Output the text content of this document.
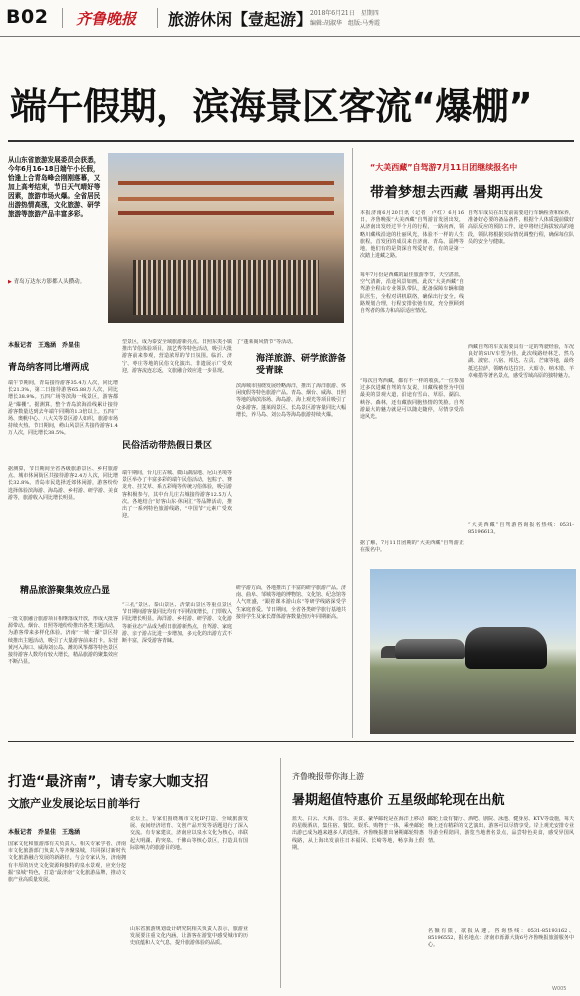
B02 齐鲁晚报 旅游休闲【壹起游】
2018年6月21日　星期四
编辑:胡淑华　组版:马秀霞
端午假期，滨海景区客流“爆棚”
从山东省旅游发展委员会获悉，今年6月16-18日端午小长假，恰逢上合青岛峰会刚刚落幕，又加上高考结束，节日天气晴好等因素，旅游市场火爆。全省居民出游热情高涨，文化旅游、研学旅游等旅游产品丰富多彩。
▶ 青岛万达东方影都人头攒动。
本报记者　王逸涵　乔显佳
青岛纳客同比增两成
端午节期间，青岛接待游客35.4万人次，同比增长21.3%，第二日接待游客65.88万人次，同比增长38.9%。五四广场等滨海一线景区，游客都是“爆棚”。据测算，整个青岛滨海沿线累计接待游客数量达到去年端午同期的1.3倍以上。五四广场、奥帆中心、八大关等景区游人如织，旅游市场持续火热。节日期间，崂山风景区共接待游客1.4万人次，同比增长38.5%。
据测算，节日期间全省各级旅游景区、乡村旅游点、城市休闲街区共接待游客2.4万人次，同比增长32.8%。青岛市民选择近郊休闲游，游客纷纷选择体验滨海游、海岛游、乡村游、研学游、美食游等，旅游收入同比增长明显。
精品旅游聚集效应凸显
一批文旅融合旅游项目相继落成开放，形成大批客源带动。烟台、日照等地纷纷推出各类主题活动，为游客带来多样化体验。济南“一城一湖”景区持续推出主题活动，吸引了大量游客前来打卡。东营黄河入海口、威海刘公岛、潍坊风筝都等特色景区接待游客人数均有较大增长，精品旅游的聚集效应不断凸显。
型景区，成为泰安全域旅游新亮点。日照东夷小镇推出节俗体验项目，演艺秀等特色活动，吸引大批游客前来参观，营造浓厚的节日氛围。临沂、济宁、枣庄等地的民俗文化演出、非遗展示广受欢迎，游客流连忘返，文旅融合效应进一步显现。
民俗活动带热假日景区
端午期间，台儿庄古城、微山湖湿地、尼山圣境等景区举办了丰富多彩的端午民俗活动，包粽子、赛龙舟、挂艾草、系五彩绳等传统习俗体验，吸引游客积极参与，其中台儿庄古城接待游客12.5万人次。各地结合“好客山东·休闲汇”等品牌活动，推出了一系列特色旅游线路，“中国节”元素广受欢迎。
“三孔”景区、泰山景区、沂蒙山景区等重点景区节日期间游客量同比均有不同程度增长，门票收入同比增长明显。海洋游、乡村游、研学游、文化游等新业态产品成为假日旅游新热点，自驾游、家庭游、亲子游占比进一步增加，多元化的出游方式不断丰富，深受游客青睐。
了“蓬莱阁风情节”等活动。
海洋旅游、研学旅游备受青睐
滨海城市围绕发展经略海洋，推出了海洋旅游、休闲度假等特色旅游产品。青岛、烟台、威海、日照等地的海滨浴场、海岛游、海上观光等项目吸引了众多游客。蓬莱阁景区、长岛景区游客量同比大幅增长，养马岛、刘公岛等海岛旅游持续火爆。
研学游方面，各地推出了丰富的研学旅游产品。济南、曲阜、邹城等地的博物馆、文化馆、纪念馆等人气旺盛，“跟着课本游山东”等研学线路深受学生家庭喜爱。节日期间，全省各类研学旅行基地共接待学生及家长群体游客数量创历年同期新高。
“大美西藏”自驾游7月11日团继续报名中
带着梦想去西藏 暑期再出发
本报济南6月20日讯（记者　卢红）6月16日，齐鲁晚报“大美西藏”自驾游首发团出发，从济南出发经过半个月的行程，一路向西，领略川藏线沿途的壮丽风光，体验不一样的人生旅程。首发团的成员来自济南、青岛、淄博等地，他们有的是资深自驾爱好者，有的是第一次踏上进藏之路。
每年7月份是西藏的最佳旅游季节，天空湛蓝，空气清新，沿途风景如画。此次“大美西藏”自驾游全程由专业领队带队，配备保障车辆和随队医生，全程对讲机联络，确保出行安全。线路规划合理，行程安排张弛有度，充分照顾到自驾者的体力和高原适应情况。
“每次自驾西藏，都有不一样的收获。”一位参加过多次进藏自驾的车友说，川藏线被誉为中国最美的景观大道，沿途有雪山、草原、湖泊、峡谷、森林，还有藏族同胞热情的笑脸。自驾游最大的魅力就是可以随走随停，尽情享受沿途风光。
据了解，7月11日团期的“大美西藏”自驾游正在报名中。
自驾车成员在出发前需要进行车辆检查和保养，准备好必要的备品备件，根据个人体质提前做好高原反应的预防工作。途中将经过海拔较高的地段，领队将根据实际情况调整行程，确保每位队员的安全与健康。
西藏自驾的车友需要具有一定的驾驶经验，车况良好的SUV车型为佳。此次线路经林芝、然乌湖、波密、八宿、邦达、左贡、芒康等地，最终抵达拉萨，领略布达拉宫、大昭寺、纳木错、羊卓雍措等著名景点，感受雪域高原的独特魅力。
“大美西藏”自驾游咨询报名热线：0531-85196613。
打造“最济南”，请专家大咖支招
文旅产业发展论坛日前举行
本报记者　乔显佳　王逸涵
国家文化和旅游部有关负责人、相关专家学者、济南市文化旅游部门负责人等齐聚泉城，共同探讨新时代文化旅游融合发展的新路径。与会专家认为，济南拥有丰厚的历史文化资源和独特的泉水景观，应充分挖掘“泉城”特色，打造“最济南”文化旅游品牌，推动文旅产业高质量发展。
论坛上，专家们围绕城市文化IP打造、全域旅游发展、夜间经济培育、文创产品开发等话题进行了深入交流。有专家建议，济南应以泉水文化为核心，串联起大明湖、趵突泉、千佛山等核心景区，打造具有国际影响力的旅游目的地。
山东省旅游规划设计研究院相关负责人表示，旅游业发展要注重文化内涵，让游客在游览中感受城市的历史底蕴和人文气息，提升旅游体验的品质。
齐鲁晚报带你海上游
暑期超值特惠价 五星级邮轮现在出航
蓝天、白云、大海、音乐、美食、豪华邮轮是在海洋上移动的星级酒店，集住宿、餐饮、娱乐、购物于一体，乘坐邮轮出游已成为越来越多人的选择。齐鲁晚报推出暑期邮轮特惠线路，从上海出发前往日本福冈、长崎等地，畅享海上假期。
邮轮上设有餐厅、酒吧、剧院、泳池、健身房、KTV等设施，每天晚上还有精彩的文艺演出，游客可以尽情享受。岸上观光安排专业导游全程陪同，游览当地著名景点，品尝特色美食，感受异国风情。
名额有限，欲报从速。咨询热线：0531-85193162、85196552，报名地点：济南市泺源大街6号齐鲁晚报旅游服务中心。
W005
